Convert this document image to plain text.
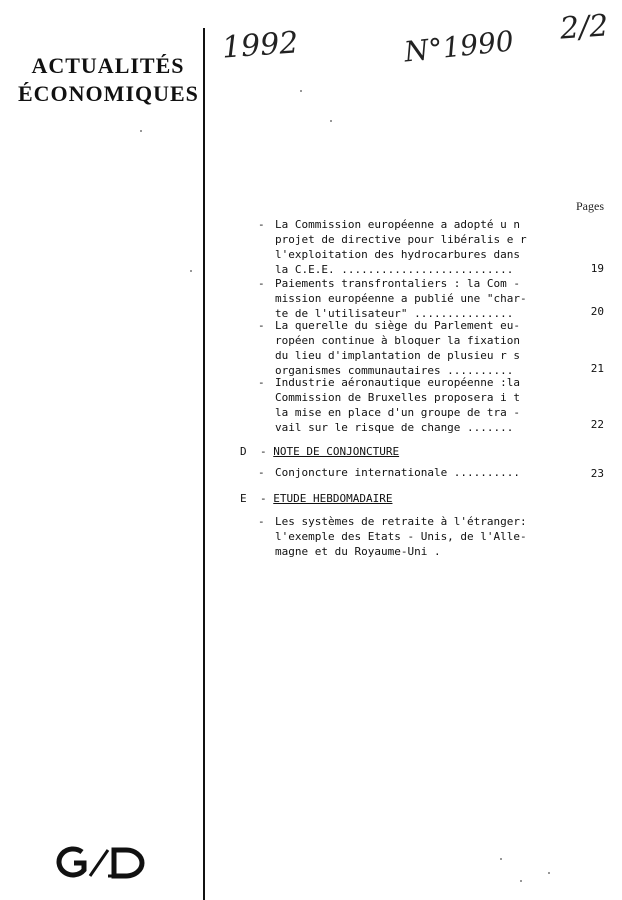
ACTUALITÉS
ÉCONOMIQUES
1992	N°1990 2/2
Pages
- La Commission européenne a adopté u n
projet de directive pour libéralis e r
l'exploitation des hydrocarbures dans
la C.E.E. ..........................	19
- Paiements transfrontaliers : la Com -
mission européenne a publié une "char-
te de l'utilisateur" ...............	20
- La querelle du siège du Parlement eu-
ropéen continue à bloquer la fixation
du lieu d'implantation de plusieu r s
organismes communautaires ..........	21
- Industrie aéronautique européenne :la
Commission de Bruxelles proposera i t
la mise en place d'un groupe de tra -
vail sur le risque de change .......	22
D - NOTE DE CONJONCTURE
- Conjoncture internationale ..........	23
E - ETUDE HEBDOMADAIRE
- Les systèmes de retraite à l'étranger:
l'exemple des Etats - Unis, de l'Alle-
magne et du Royaume-Uni .
